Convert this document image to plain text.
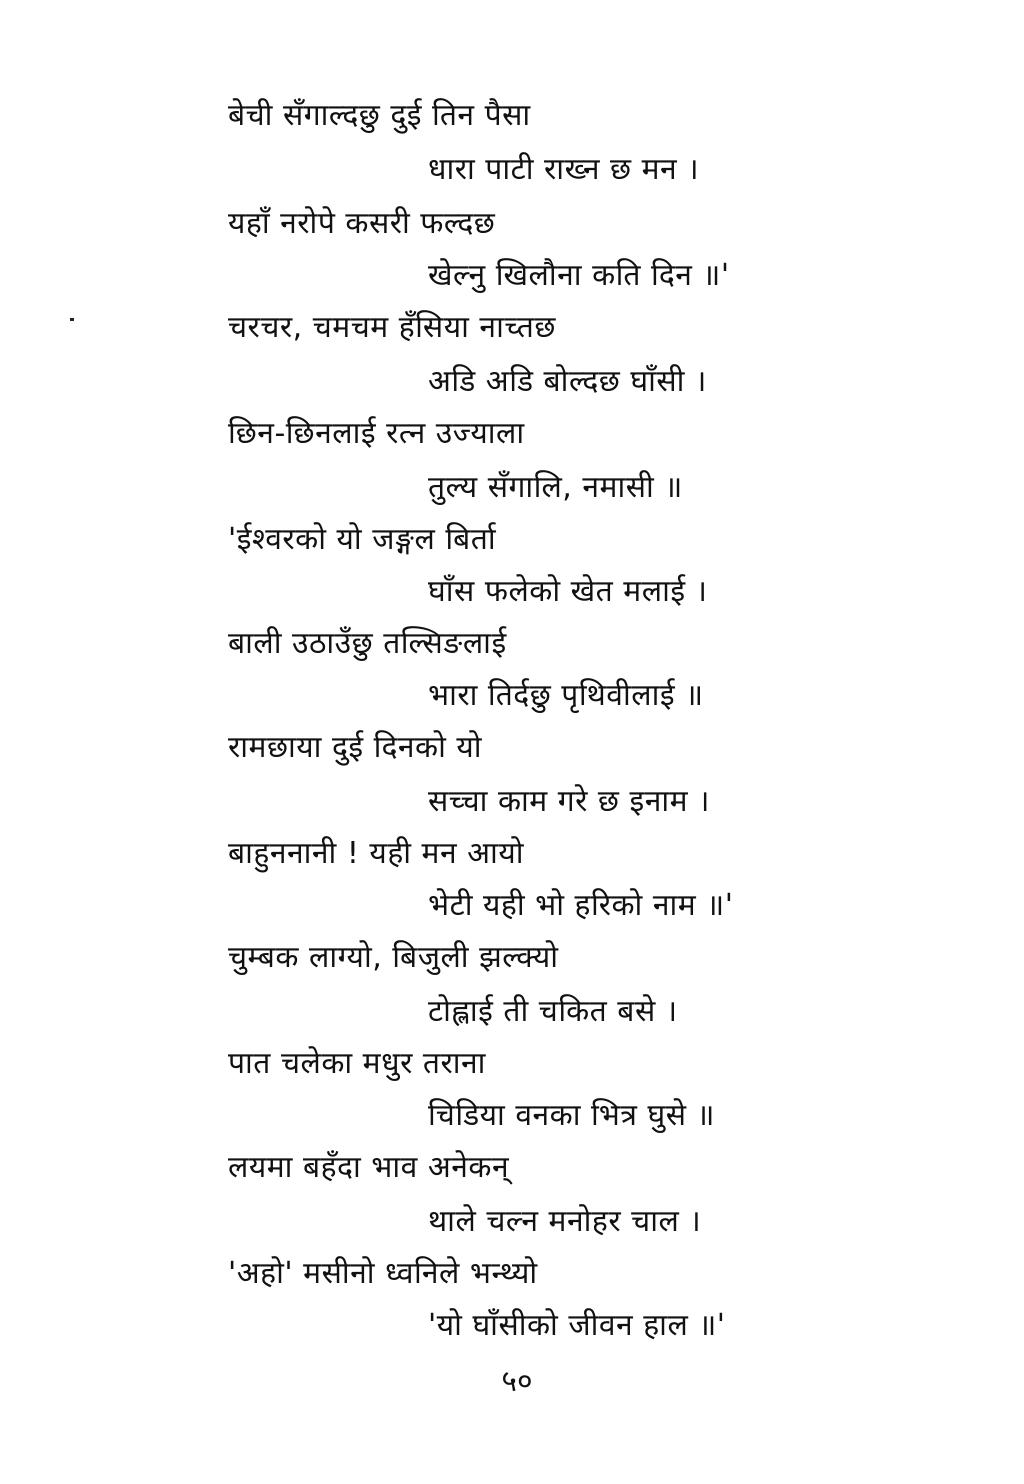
बेची सँगाल्दछु दुई तिन पैसा
धारा पाटी राख्न छ मन ।
यहाँ नरोपे कसरी फल्दछ
खेल्नु खिलौना कति दिन ॥'
चरचर, चमचम हँसिया नाच्तछ
अडि अडि बोल्दछ घाँसी ।
छिन-छिनलाई रत्न उज्याला
तुल्य सँगालि, नमासी ॥
'ईश्वरको यो जङ्गल बिर्ता
घाँस फलेको खेत मलाई ।
बाली उठाउँछु तल्सिङलाई
भारा तिर्दछु पृथिवीलाई ॥
रामछाया दुई दिनको यो
सच्चा काम गरे छ इनाम ।
बाहुननानी ! यही मन आयो
भेटी यही भो हरिको नाम ॥'
चुम्बक लाग्यो, बिजुली झल्क्यो
टोह्लाई ती चकित बसे ।
पात चलेका मधुर तराना
चिडिया वनका भित्र घुसे ॥
लयमा बहँदा भाव अनेकन्
थाले चल्न मनोहर चाल ।
'अहो' मसीनो ध्वनिले भन्थ्यो
'यो घाँसीको जीवन हाल ॥'
५०
